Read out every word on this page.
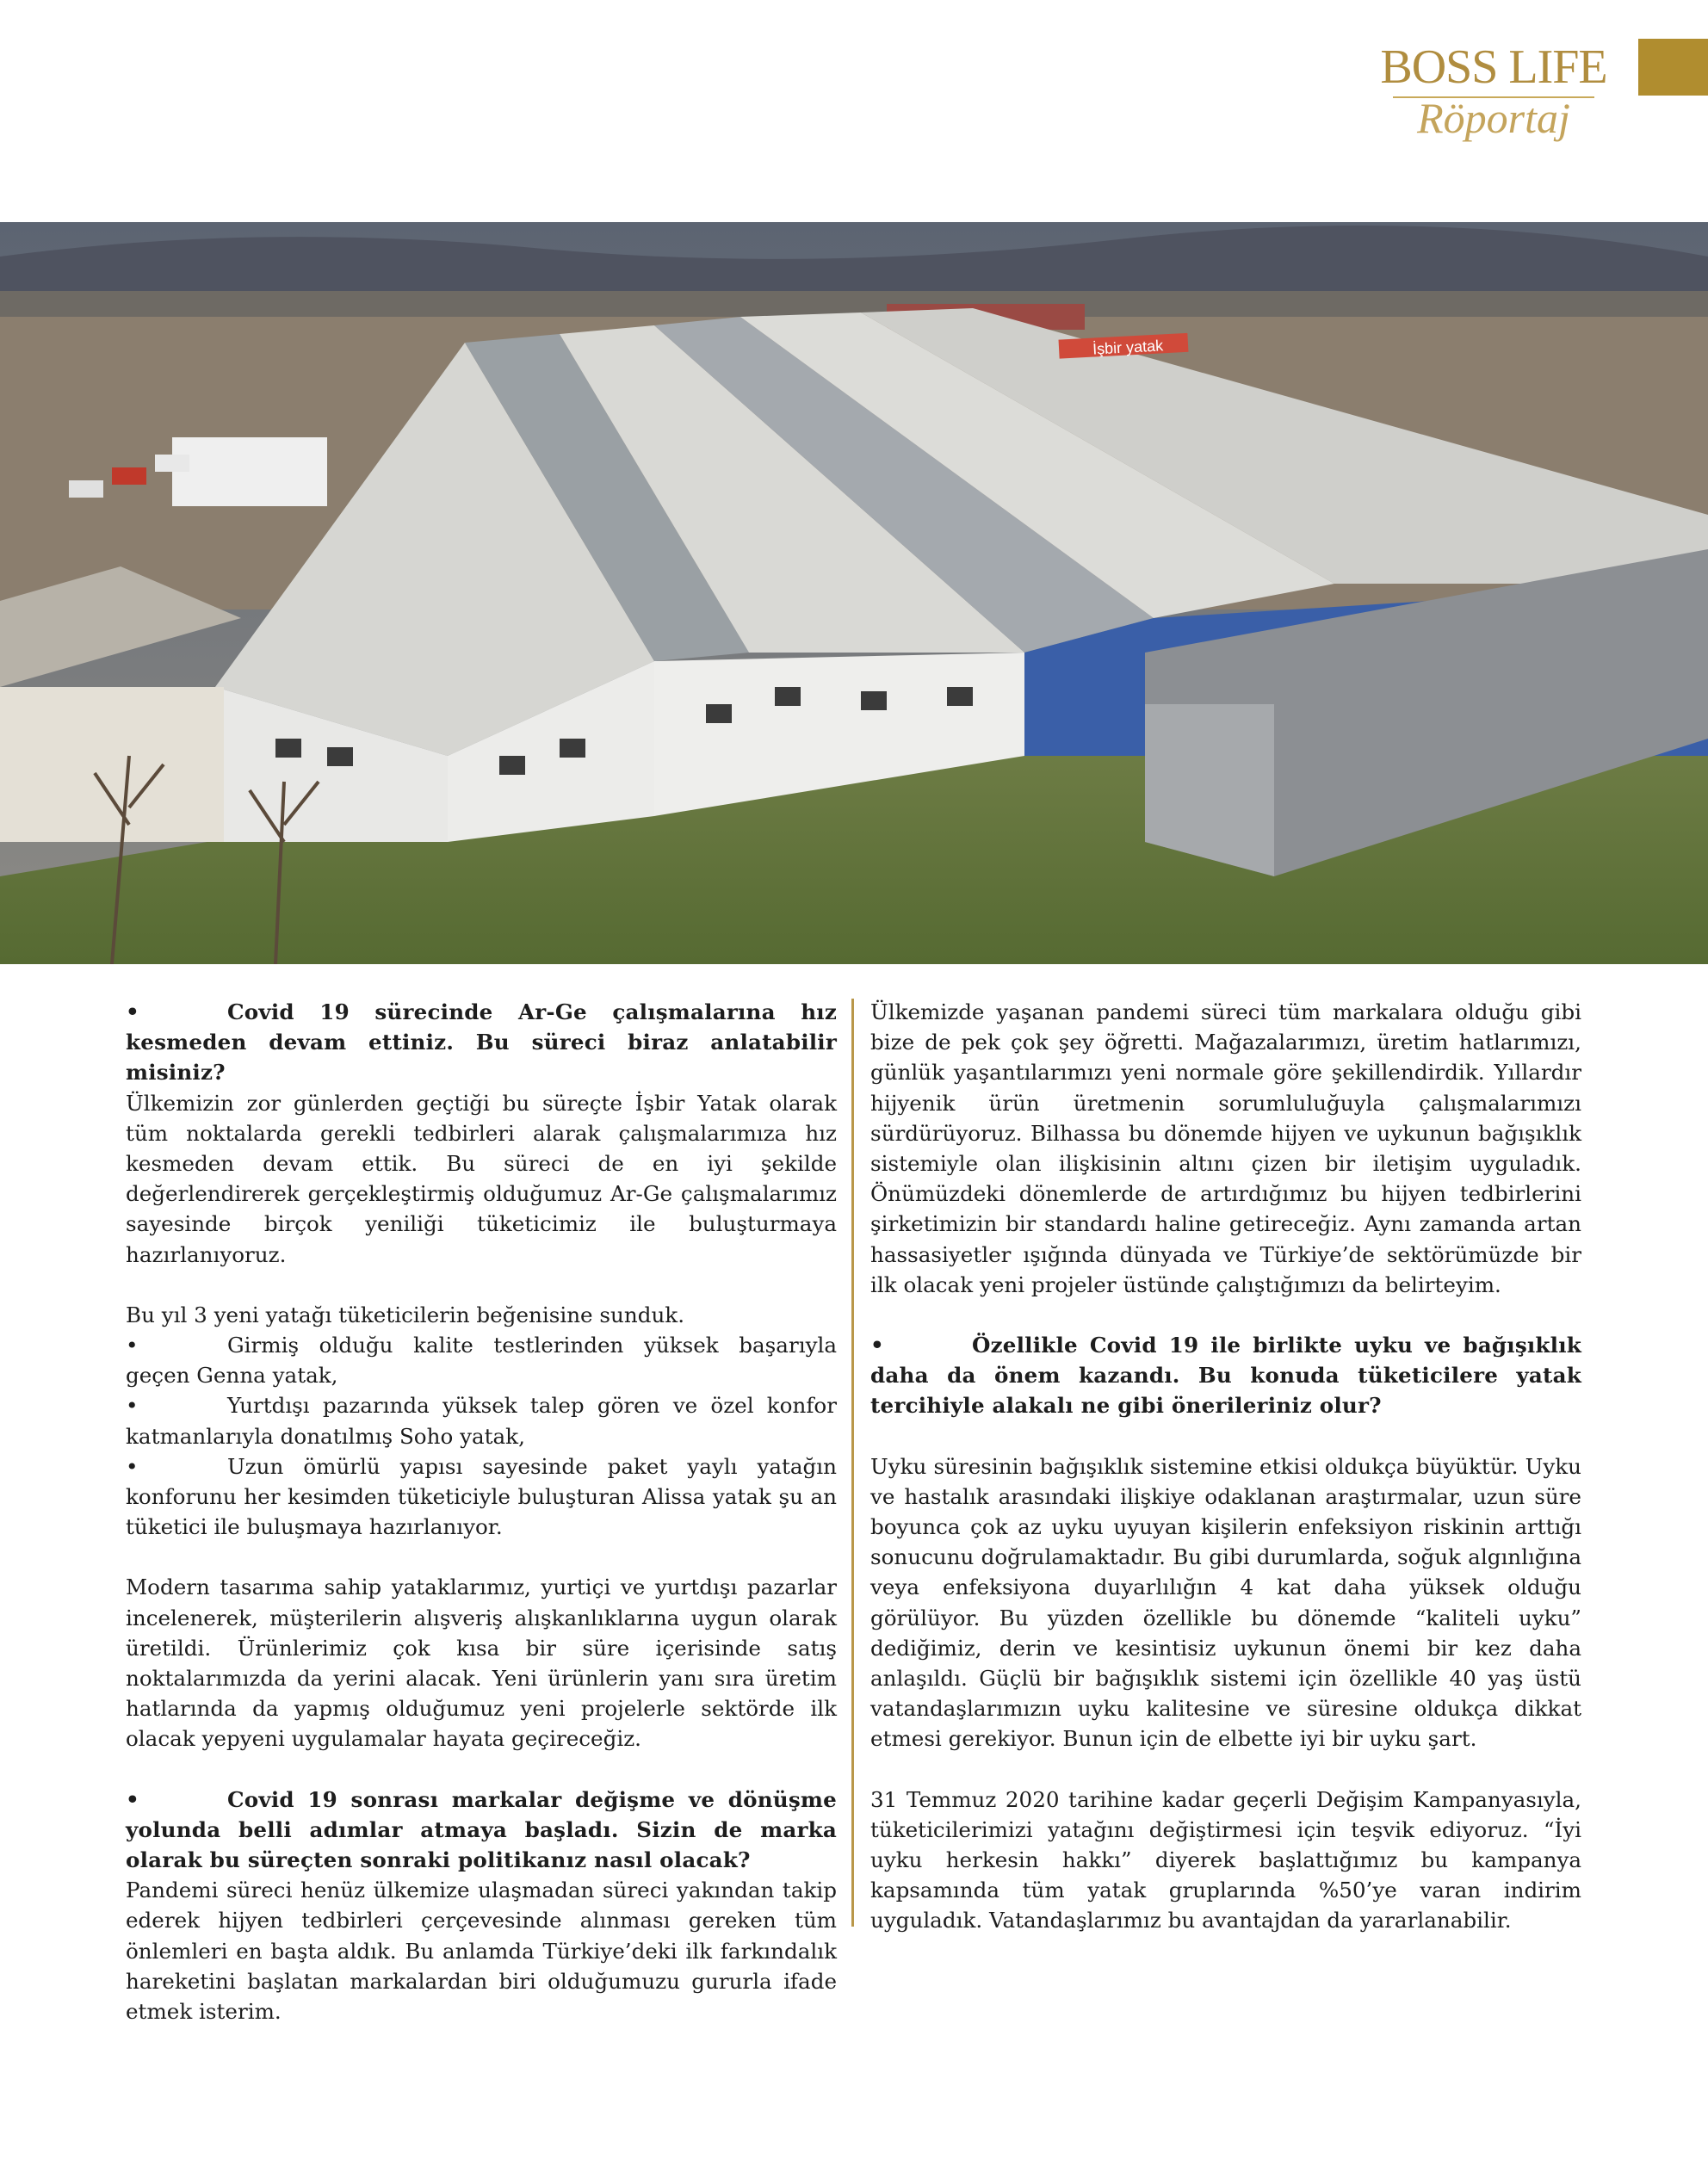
BOSS LIFE
Röportaj
İşbir yatak

•	Covid 19 sürecinde Ar-Ge çalışmalarına hız kesmeden devam ettiniz. Bu süreci biraz anlatabilir misiniz?

Ülkemizin zor günlerden geçtiği bu süreçte İşbir Yatak olarak tüm noktalarda gerekli tedbirleri alarak çalışmalarımıza hız kesmeden devam ettik. Bu süreci de en iyi şekilde değerlendirerek gerçekleştirmiş olduğumuz Ar-Ge çalışmalarımız sayesinde birçok yeniliği tüketicimiz ile buluşturmaya hazırlanıyoruz.

Bu yıl 3 yeni yatağı tüketicilerin beğenisine sunduk.

•	Girmiş olduğu kalite testlerinden yüksek başarıyla geçen Genna yatak,

•	Yurtdışı pazarında yüksek talep gören ve özel konfor katmanlarıyla donatılmış Soho yatak,

•	Uzun ömürlü yapısı sayesinde paket yaylı yatağın konforunu her kesimden tüketiciyle buluşturan Alissa yatak şu an tüketici ile buluşmaya hazırlanıyor.

Modern tasarıma sahip yataklarımız, yurtiçi ve yurtdışı pazarlar incelenerek, müşterilerin alışveriş alışkanlıklarına uygun olarak üretildi. Ürünlerimiz çok kısa bir süre içerisinde satış noktalarımızda da yerini alacak. Yeni ürünlerin yanı sıra üretim hatlarında da yapmış olduğumuz yeni projelerle sektörde ilk olacak yepyeni uygulamalar hayata geçireceğiz.

•	Covid 19 sonrası markalar değişme ve dönüşme yolunda belli adımlar atmaya başladı. Sizin de marka olarak bu süreçten sonraki politikanız nasıl olacak?

Pandemi süreci henüz ülkemize ulaşmadan süreci yakından takip ederek hijyen tedbirleri çerçevesinde alınması gereken tüm önlemleri en başta aldık. Bu anlamda Türkiye’deki ilk farkındalık hareketini başlatan markalardan biri olduğumuzu gururla ifade etmek isterim.

Ülkemizde yaşanan pandemi süreci tüm markalara olduğu gibi bize de pek çok şey öğretti. Mağazalarımızı, üretim hatlarımızı, günlük yaşantılarımızı yeni normale göre şekillendirdik. Yıllardır hijyenik ürün üretmenin sorumluluğuyla çalışmalarımızı sürdürüyoruz. Bilhassa bu dönemde hijyen ve uykunun bağışıklık sistemiyle olan ilişkisinin altını çizen bir iletişim uyguladık. Önümüzdeki dönemlerde de artırdığımız bu hijyen tedbirlerini şirketimizin bir standardı haline getireceğiz. Aynı zamanda artan hassasiyetler ışığında dünyada ve Türkiye’de sektörümüzde bir ilk olacak yeni projeler üstünde çalıştığımızı da belirteyim.

•	Özellikle Covid 19 ile birlikte uyku ve bağışıklık daha da önem kazandı. Bu konuda tüketicilere yatak tercihiyle alakalı ne gibi önerileriniz olur?

Uyku süresinin bağışıklık sistemine etkisi oldukça büyüktür. Uyku ve hastalık arasındaki ilişkiye odaklanan araştırmalar, uzun süre boyunca çok az uyku uyuyan kişilerin enfeksiyon riskinin arttığı sonucunu doğrulamaktadır. Bu gibi durumlarda, soğuk algınlığına veya enfeksiyona duyarlılığın 4 kat daha yüksek olduğu görülüyor. Bu yüzden özellikle bu dönemde “kaliteli uyku” dediğimiz, derin ve kesintisiz uykunun önemi bir kez daha anlaşıldı. Güçlü bir bağışıklık sistemi için özellikle 40 yaş üstü vatandaşlarımızın uyku kalitesine ve süresine oldukça dikkat etmesi gerekiyor. Bunun için de elbette iyi bir uyku şart.

31 Temmuz 2020 tarihine kadar geçerli Değişim Kampanyasıyla, tüketicilerimizi yatağını değiştirmesi için teşvik ediyoruz. “İyi uyku herkesin hakkı” diyerek başlattığımız bu kampanya kapsamında tüm yatak gruplarında %50’ye varan indirim uyguladık. Vatandaşlarımız bu avantajdan da yararlanabilir.
